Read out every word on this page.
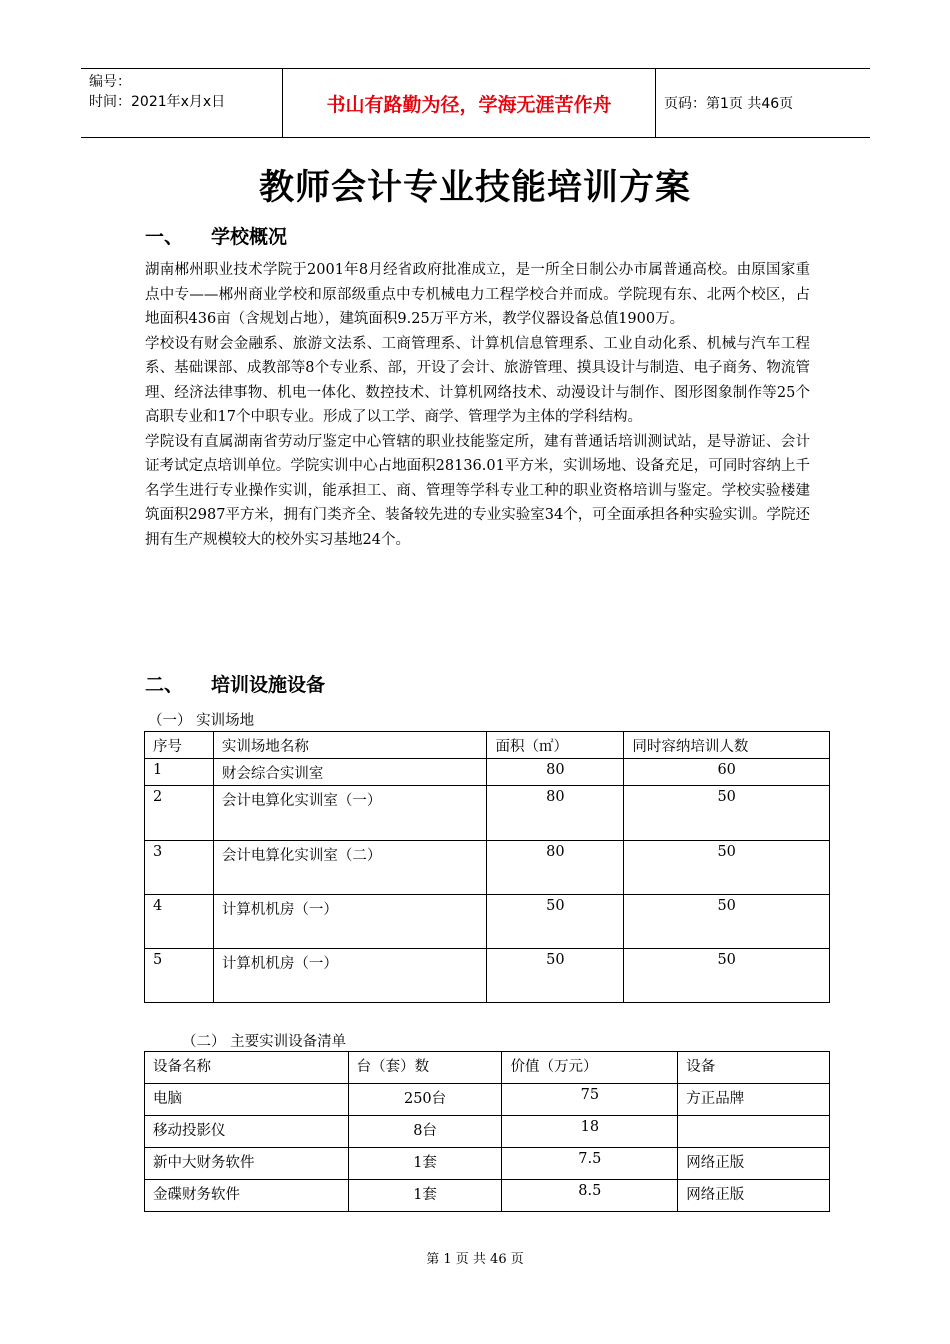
编号：
时间：2021年x月x日	书山有路勤为径，学海无涯苦作舟	页码：第1页 共46页
教师会计专业技能培训方案
一、 学校概况

湖南郴州职业技术学院于2001年8月经省政府批准成立，是一所全日制公办市属普通高校。由原国家重点中专——郴州商业学校和原部级重点中专机械电力工程学校合并而成。学院现有东、北两个校区，占地面积436亩（含规划占地），建筑面积9.25万平方米，教学仪器设备总值1900万。

学校设有财会金融系、旅游文法系、工商管理系、计算机信息管理系、工业自动化系、机械与汽车工程系、基础课部、成教部等8个专业系、部，开设了会计、旅游管理、摸具设计与制造、电子商务、物流管理、经济法律事物、机电一体化、数控技术、计算机网络技术、动漫设计与制作、图形图象制作等25个高职专业和17个中职专业。形成了以工学、商学、管理学为主体的学科结构。

学院设有直属湖南省劳动厅鉴定中心管辖的职业技能鉴定所，建有普通话培训测试站，是导游证、会计证考试定点培训单位。学院实训中心占地面积28136.01平方米，实训场地、设备充足，可同时容纳上千名学生进行专业操作实训，能承担工、商、管理等学科专业工种的职业资格培训与鉴定。学校实验楼建筑面积2987平方米，拥有门类齐全、装备较先进的专业实验室34个，可全面承担各种实验实训。学院还拥有生产规模较大的校外实习基地24个。

二、 培训设施设备
（一） 实训场地
序号	实训场地名称	面积（㎡）	同时容纳培训人数
1	财会综合实训室	80	60
2	会计电算化实训室（一）	80	50
3	会计电算化实训室（二）	80	50
4	计算机机房（一）	50	50
5	计算机机房（一）	50	50
（二） 主要实训设备清单
设备名称	台（套）数	价值（万元）	设备
电脑	250台	75	方正品牌
移动投影仪	8台	18	
新中大财务软件	1套	7.5	网络正版
金碟财务软件	1套	8.5	网络正版
第 1 页 共 46 页
